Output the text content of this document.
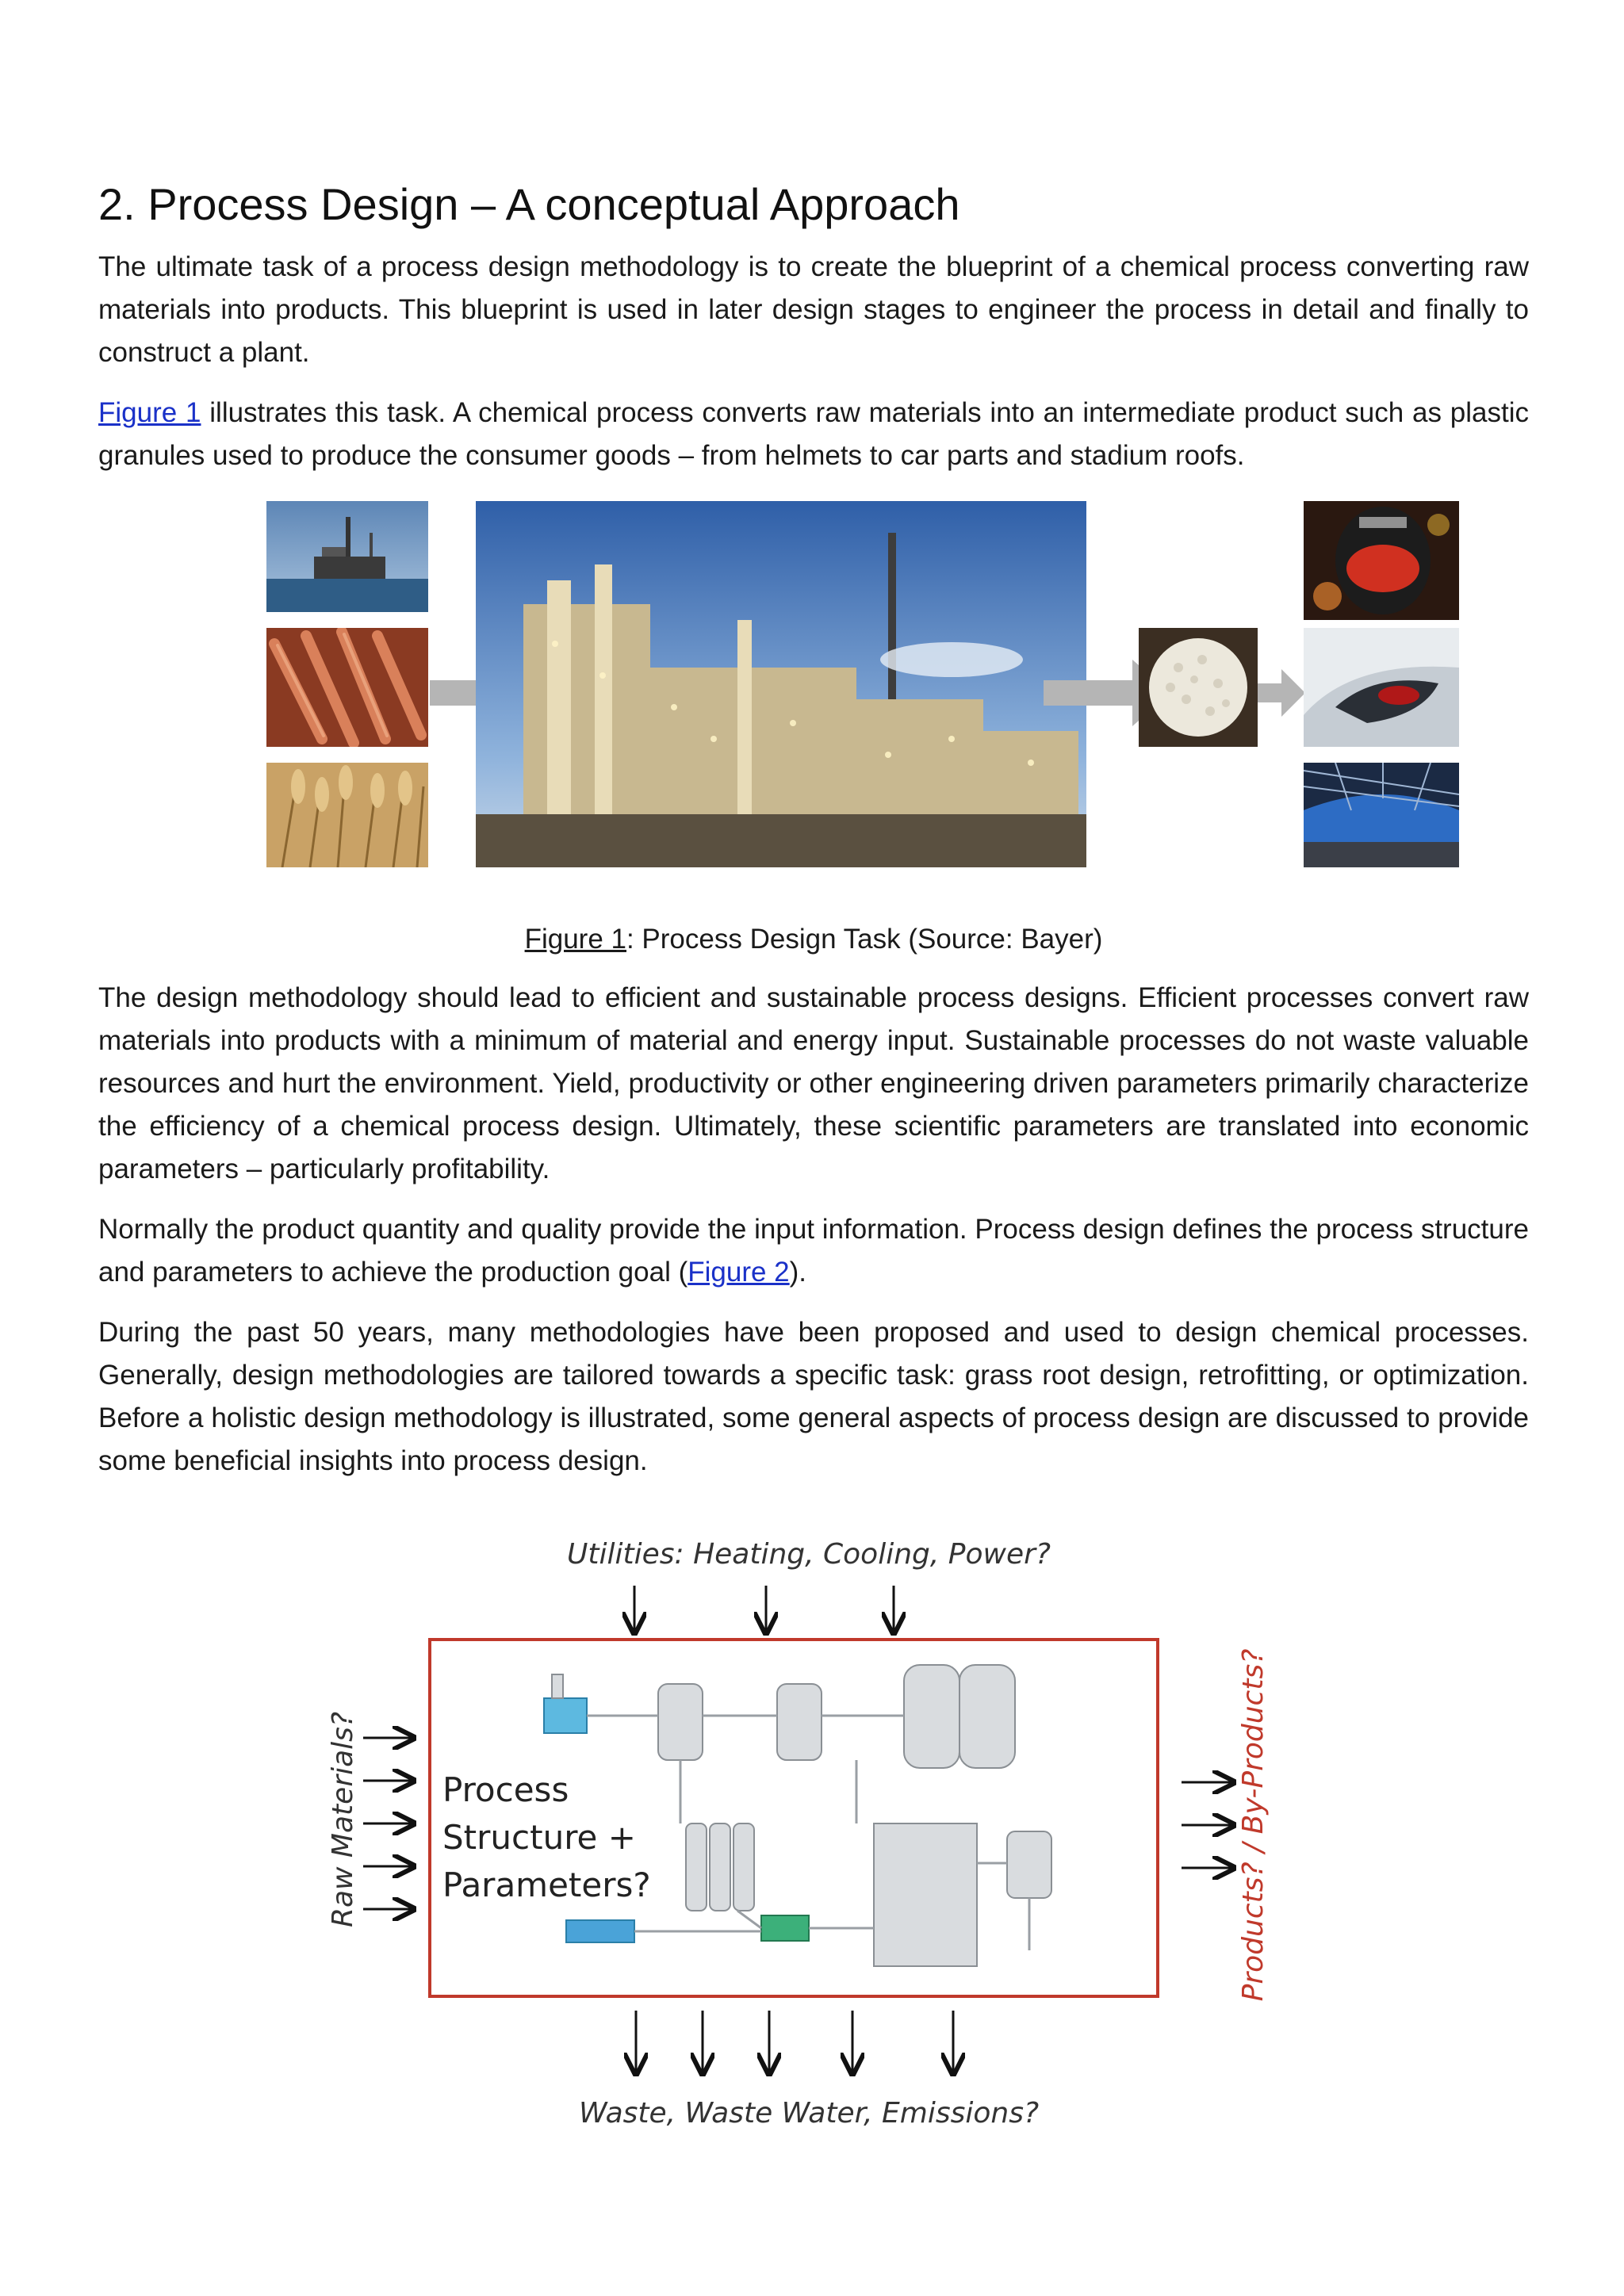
2. Process Design – A conceptual Approach

The ultimate task of a process design methodology is to create the blueprint of a chemical process converting raw materials into products. This blueprint is used in later design stages to engineer the process in detail and finally to construct a plant.

Figure 1 illustrates this task. A chemical process converts raw materials into an intermediate product such as plastic granules used to produce the consumer goods – from helmets to car parts and stadium roofs.

Figure 1: Process Design Task (Source: Bayer)

The design methodology should lead to efficient and sustainable process designs. Efficient processes convert raw materials into products with a minimum of material and energy input. Sustainable processes do not waste valuable resources and hurt the environment. Yield, productivity or other engineering driven parameters primarily characterize the efficiency of a chemical process design. Ultimately, these scientific parameters are translated into economic parameters – particularly profitability.

Normally the product quantity and quality provide the input information. Process design defines the process structure and parameters to achieve the production goal (Figure 2).

During the past 50 years, many methodologies have been proposed and used to design chemical processes. Generally, design methodologies are tailored towards a specific task: grass root design, retrofitting, or optimization. Before a holistic design methodology is illustrated, some general aspects of process design are discussed to provide some beneficial insights into process design.

Utilities: Heating, Cooling, Power?
Raw Materials?	Process
Structure +
Parameters?	Products? / By-Products?
Waste, Waste Water, Emissions?
